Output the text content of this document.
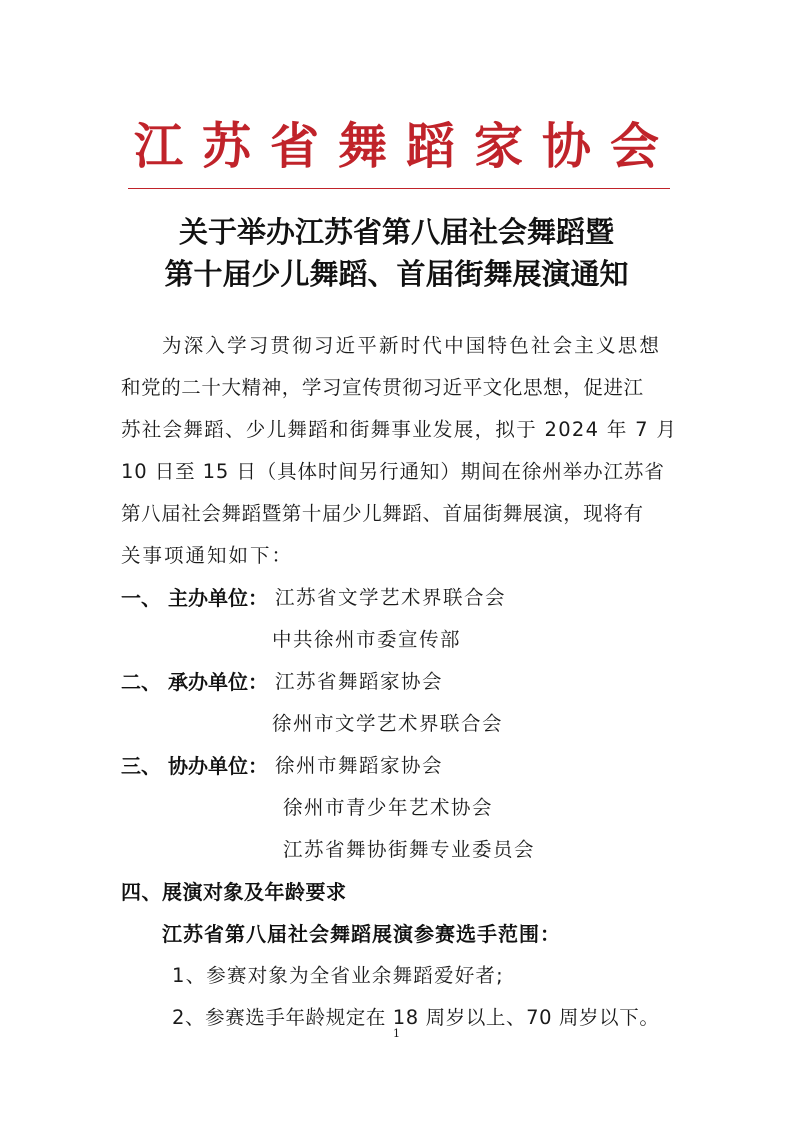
江苏省舞蹈家协会
关于举办江苏省第八届社会舞蹈暨
第十届少儿舞蹈、首届街舞展演通知
为深入学习贯彻习近平新时代中国特色社会主义思想
和党的二十大精神，学习宣传贯彻习近平文化思想，促进江
苏社会舞蹈、少儿舞蹈和街舞事业发展，拟于 2024 年 7 月
10 日至 15 日（具体时间另行通知）期间在徐州举办江苏省
第八届社会舞蹈暨第十届少儿舞蹈、首届街舞展演，现将有
关事项通知如下：
一、 主办单位： 江苏省文学艺术界联合会
中共徐州市委宣传部
二、 承办单位： 江苏省舞蹈家协会
徐州市文学艺术界联合会
三、 协办单位： 徐州市舞蹈家协会
徐州市青少年艺术协会
江苏省舞协街舞专业委员会
四、展演对象及年龄要求
江苏省第八届社会舞蹈展演参赛选手范围：
1、参赛对象为全省业余舞蹈爱好者;
2、参赛选手年龄规定在 18 周岁以上、70 周岁以下。
1
